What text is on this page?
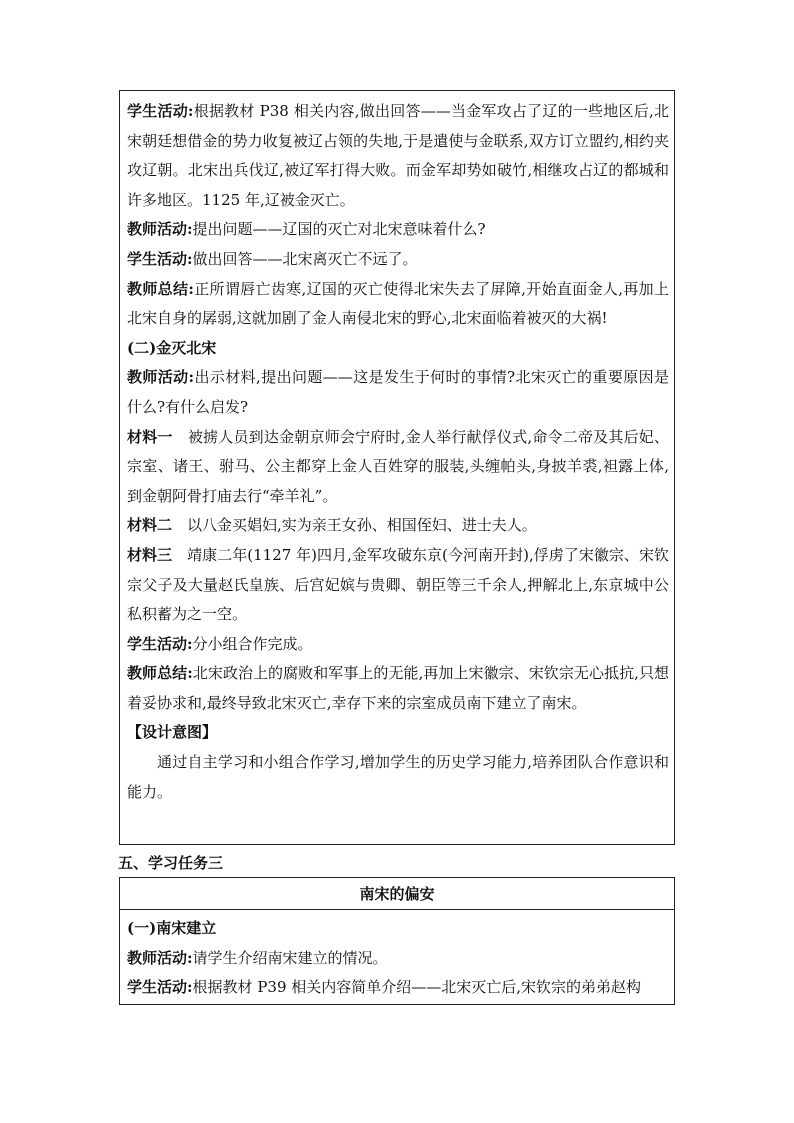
学生活动:根据教材 P38 相关内容,做出回答——当金军攻占了辽的一些地区后,北宋朝廷想借金的势力收复被辽占领的失地,于是遣使与金联系,双方订立盟约,相约夹攻辽朝。北宋出兵伐辽,被辽军打得大败。而金军却势如破竹,相继攻占辽的都城和许多地区。1125 年,辽被金灭亡。

教师活动:提出问题——辽国的灭亡对北宋意味着什么?

学生活动:做出回答——北宋离灭亡不远了。

教师总结:正所谓唇亡齿寒,辽国的灭亡使得北宋失去了屏障,开始直面金人,再加上北宋自身的孱弱,这就加剧了金人南侵北宋的野心,北宋面临着被灭的大祸!

(二)金灭北宋

教师活动:出示材料,提出问题——这是发生于何时的事情?北宋灭亡的重要原因是什么?有什么启发?

材料一　被掳人员到达金朝京师会宁府时,金人举行献俘仪式,命令二帝及其后妃、宗室、诸王、驸马、公主都穿上金人百姓穿的服装,头缠帕头,身披羊裘,袒露上体,到金朝阿骨打庙去行“牵羊礼”。

材料二　以八金买娼妇,实为亲王女孙、相国侄妇、进士夫人。

材料三　靖康二年(1127 年)四月,金军攻破东京(今河南开封),俘虏了宋徽宗、宋钦宗父子及大量赵氏皇族、后宫妃嫔与贵卿、朝臣等三千余人,押解北上,东京城中公私积蓄为之一空。

学生活动:分小组合作完成。

教师总结:北宋政治上的腐败和军事上的无能,再加上宋徽宗、宋钦宗无心抵抗,只想着妥协求和,最终导致北宋灭亡,幸存下来的宗室成员南下建立了南宋。

【设计意图】

通过自主学习和小组合作学习,增加学生的历史学习能力,培养团队合作意识和能力。

五、学习任务三
南宋的偏安

(一)南宋建立

教师活动:请学生介绍南宋建立的情况。

学生活动:根据教材 P39 相关内容简单介绍——北宋灭亡后,宋钦宗的弟弟赵构
